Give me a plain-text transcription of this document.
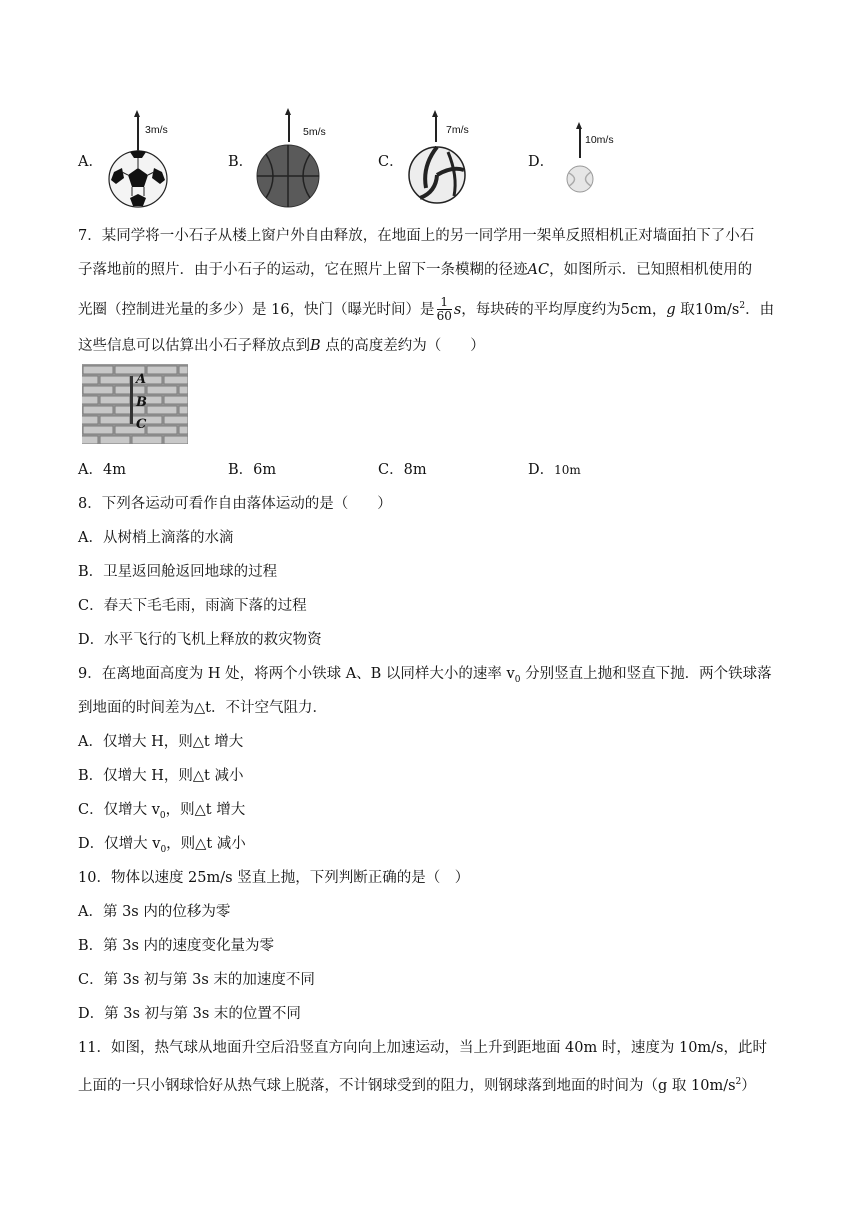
A．
3m/s
B．
5m/s
C．
7m/s
D．
10m/s
7．某同学将一小石子从楼上窗户外自由释放，在地面上的另一同学用一架单反照相机正对墙面拍下了小石
子落地前的照片．由于小石子的运动，它在照片上留下一条模糊的径迹AC，如图所示．已知照相机使用的
光圈（控制进光量的多少）是 16，快门（曝光时间）是 $\frac{1}{60}$ s，每块砖的平均厚度约为5cm，g 取$10m/s^2$．由
这些信息可以估算出小石子释放点到B 点的高度差约为（　　）
A
B
C
A．4m	B．6m	C．8m	D．10m
8．下列各运动可看作自由落体运动的是（　　）
A．从树梢上滴落的水滴
B．卫星返回舱返回地球的过程
C．春天下毛毛雨，雨滴下落的过程
D．水平飞行的飞机上释放的救灾物资
9．在离地面高度为 H 处，将两个小铁球 A、B 以同样大小的速率 $v_0$ 分别竖直上抛和竖直下抛．两个铁球落
到地面的时间差为△t．不计空气阻力．
A．仅增大 H，则△t 增大
B．仅增大 H，则△t 减小
C．仅增大 $v_0$，则△t 增大
D．仅增大 $v_0$，则△t 减小
10．物体以速度 25m/s 竖直上抛，下列判断正确的是（　）
A．第 3s 内的位移为零
B．第 3s 内的速度变化量为零
C．第 3s 初与第 3s 末的加速度不同
D．第 3s 初与第 3s 末的位置不同
11．如图，热气球从地面升空后沿竖直方向向上加速运动，当上升到距地面 40m 时，速度为 10m/s，此时
上面的一只小钢球恰好从热气球上脱落，不计钢球受到的阻力，则钢球落到地面的时间为（g 取 $10m/s^2$）
